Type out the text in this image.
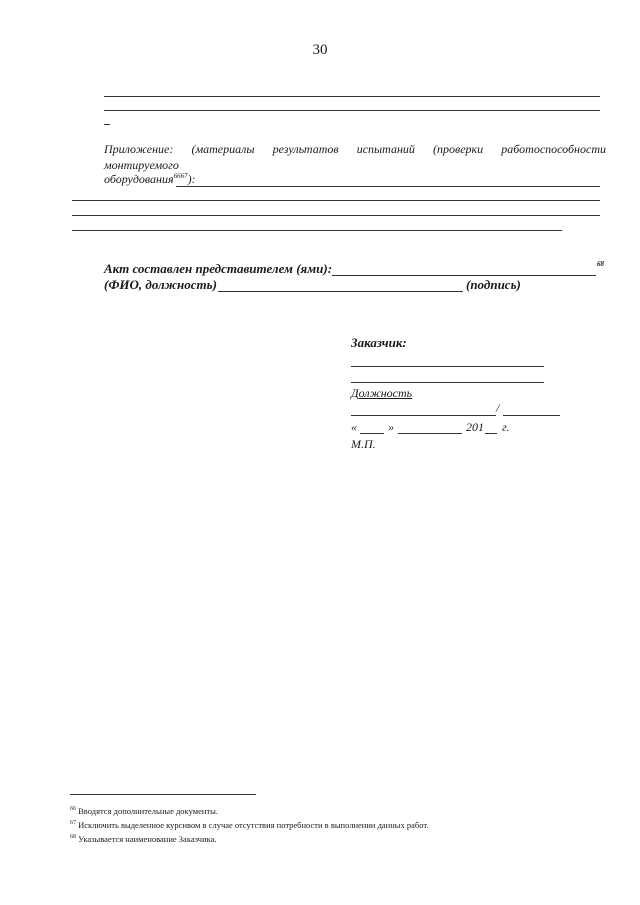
30
Приложение: (материалы результатов испытаний (проверки работоспособности
монтируемого
оборудования$^{6667}$):
Акт составлен представителем (ями):	68
(ФИО, должность)	(подпись)
Заказчик:
Должность
/
«	»	201 г.
М.П.
$^{66}$ Вводятся дополнительные документы.
$^{67}$ Исключить выделенное курсивом в случае отсутствия потребности в выполнении данных работ.
$^{68}$ Указывается наименование Заказчика.
